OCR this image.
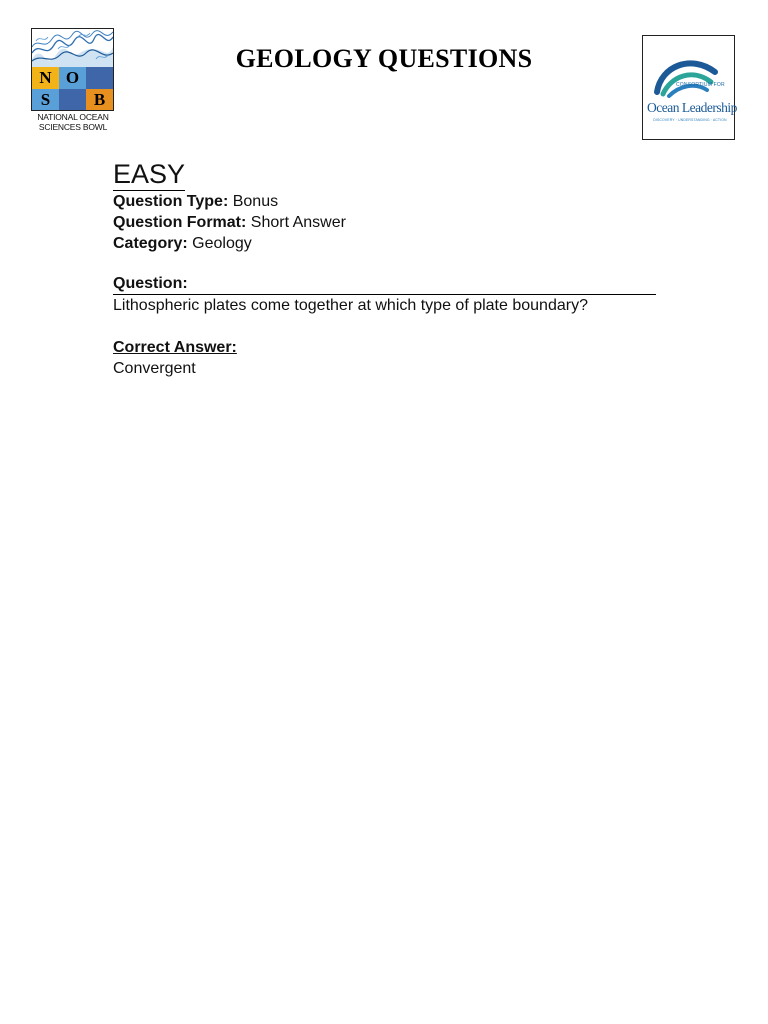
N O
S	B
NATIONAL OCEAN
SCIENCES BOWL
GEOLOGY QUESTIONS
CONSORTIUM FOR
Ocean Leadership
DISCOVERY · UNDERSTANDING · ACTION
EASY
Question Type: Bonus
Question Format: Short Answer
Category: Geology
Question:
Lithospheric plates come together at which type of plate boundary?
Correct Answer:
Convergent
